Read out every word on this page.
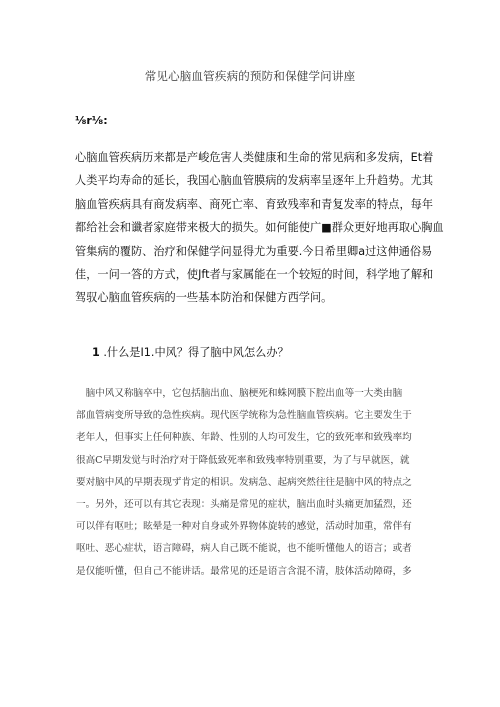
常见心脑血管疾病的预防和保健学问讲座
⅛r⅛:
心脑血管疾病历来都是产峻危害人类健康和生命的常见病和多发病，Et着
人类平均寿命的延长，我国心脑血管膜病的发病率呈逐年上升趋势。尤其
脑血管疾病具有商发病率、商死亡率、育致残率和青复发率的特点，每年
都给社会和谶者家庭带来极大的损失。如何能使广■群众更好地再取心胸血
管集病的覆防、治疗和保健学问显得尤为重要.今日希里卿a过这伸通俗易
佳，一问一答的方式，使Jft者与家属能在一个较短的时间，科学地了解和
驾驭心脑血管疾病的一些基本防治和保健方西学问。
1 .什么是I1.中风？得了脑中风怎么办？
　脑中风又称脑卒中，它包括脑出血、脑梗死和蛛网膜下腔出血等一大类由脑
部血管病变所导致的急性疾病。现代医学统称为急性脑血管疾病。它主要发生于
老年人，但事实上任何种族、年龄、性别的人均可发生，它的致死率和致残率均
很高C早期发觉与时治疗对于降低致死率和致残率特别重要，为了与早就医，就
要对脑中风的早期表现ず肯定的相识。发病急、起病突然往往是脑中风的特点之
一。另外，还可以有其它表现：头痛是常见的症状，脑出血时头痛更加猛烈，还
可以伴有呕吐；眩晕是一种对自身或外界物体旋转的感觉，活动时加重，常伴有
呕吐、恶心症状，语言障碍，病人自己既不能说，也不能听懂他人的语言；或者
是仅能听懂，但自己不能讲话。最常见的还是语言含混不清，肢体活动障碍，多
